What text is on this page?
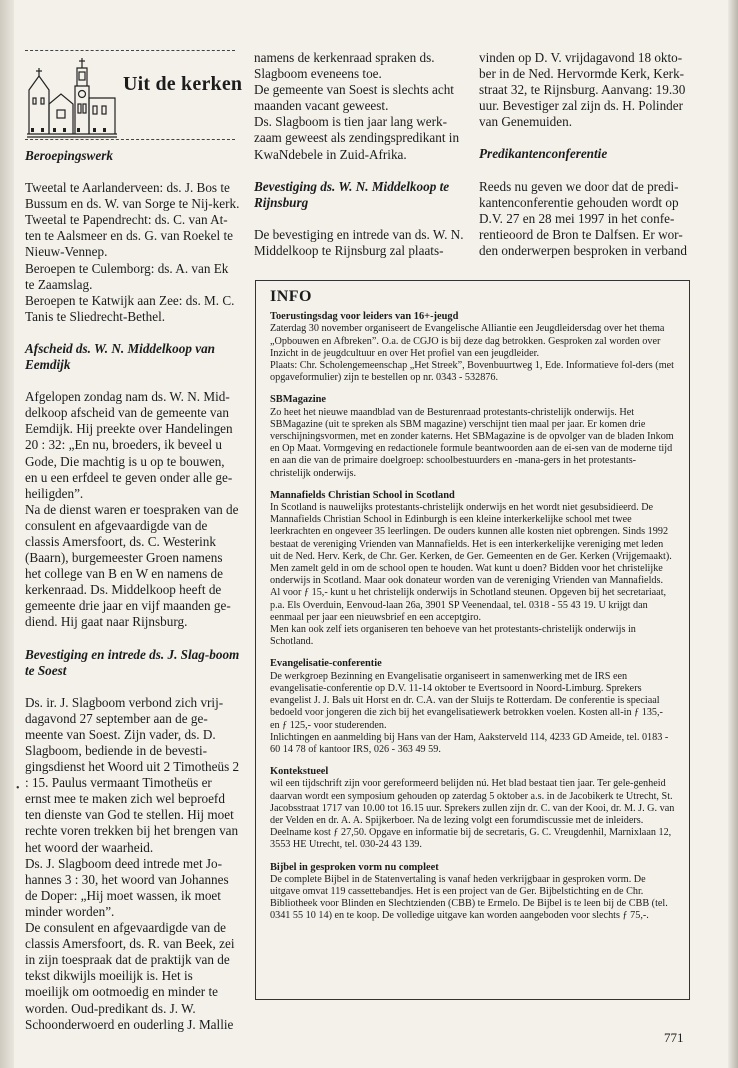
Uit de kerken
Beroepingswerk

Tweetal te Aarlanderveen: ds. J. Bos te Bussum en ds. W. van Sorge te Nij-kerk.

Tweetal te Papendrecht: ds. C. van At-ten te Aalsmeer en ds. G. van Roekel te Nieuw-Vennep.

Beroepen te Culemborg: ds. A. van Ek te Zaamslag.

Beroepen te Katwijk aan Zee: ds. M. C. Tanis te Sliedrecht-Bethel.

Afscheid ds. W. N. Middelkoop van Eemdijk

Afgelopen zondag nam ds. W. N. Mid-delkoop afscheid van de gemeente van Eemdijk. Hij preekte over Handelingen 20 : 32: „En nu, broeders, ik beveel u Gode, Die machtig is u op te bouwen, en u een erfdeel te geven onder alle ge-heiligden”.

Na de dienst waren er toespraken van de consulent en afgevaardigde van de classis Amersfoort, ds. C. Westerink (Baarn), burgemeester Groen namens het college van B en W en namens de kerkenraad. Ds. Middelkoop heeft de gemeente drie jaar en vijf maanden ge-diend. Hij gaat naar Rijnsburg.

Bevestiging en intrede ds. J. Slag-boom te Soest

Ds. ir. J. Slagboom verbond zich vrij-dagavond 27 september aan de ge-meente van Soest. Zijn vader, ds. D. Slagboom, bediende in de bevesti-gingsdienst het Woord uit 2 Timotheüs 2 : 15. Paulus vermaant Timotheüs er ernst mee te maken zich wel beproefd ten dienste van God te stellen. Hij moet rechte voren trekken bij het brengen van het woord der waarheid.

Ds. J. Slagboom deed intrede met Jo-hannes 3 : 30, het woord van Johannes de Doper: „Hij moet wassen, ik moet minder worden”.

De consulent en afgevaardigde van de classis Amersfoort, ds. R. van Beek, zei in zijn toespraak dat de praktijk van de tekst dikwijls moeilijk is. Het is moeilijk om ootmoedig en minder te worden. Oud-predikant ds. J. W. Schoonderwoerd en ouderling J. Mallie

namens de kerkenraad spraken ds. Slagboom eveneens toe.

De gemeente van Soest is slechts acht maanden vacant geweest.

Ds. Slagboom is tien jaar lang werk-zaam geweest als zendingspredikant in KwaNdebele in Zuid-Afrika.

Bevestiging ds. W. N. Middelkoop te Rijnsburg

De bevestiging en intrede van ds. W. N. Middelkoop te Rijnsburg zal plaats-

vinden op D. V. vrijdagavond 18 okto-ber in de Ned. Hervormde Kerk, Kerk-straat 32, te Rijnsburg. Aanvang: 19.30 uur. Bevestiger zal zijn ds. H. Polinder van Genemuiden.

Predikantenconferentie

Reeds nu geven we door dat de predi-kantenconferentie gehouden wordt op D.V. 27 en 28 mei 1997 in het confe-rentieoord de Bron te Dalfsen. Er wor-den onderwerpen besproken in verband

INFO
Toerustingsdag voor leiders van 16+-jeugd

Zaterdag 30 november organiseert de Evangelische Alliantie een Jeugdleidersdag over het thema „Opbouwen en Afbreken”. O.a. de CGJO is bij deze dag betrokken. Gesproken zal worden over Inzicht in de jeugdcultuur en over Het profiel van een jeugdleider.

Plaats: Chr. Scholengemeenschap „Het Streek”, Bovenbuurtweg 1, Ede. Informatieve fol-ders (met opgaveformulier) zijn te bestellen op nr. 0343 - 532876.

SBMagazine

Zo heet het nieuwe maandblad van de Besturenraad protestants-christelijk onderwijs. Het SBMagazine (uit te spreken als SBM magazine) verschijnt tien maal per jaar. Er komen drie verschijningsvormen, met en zonder katerns. Het SBMagazine is de opvolger van de bladen Inkom en Op Maat. Vormgeving en redactionele formule beantwoorden aan de ei-sen van de moderne tijd en aan die van de primaire doelgroep: schoolbestuurders en -mana-gers in het protestants-christelijk onderwijs.

Mannafields Christian School in Scotland

In Scotland is nauwelijks protestants-christelijk onderwijs en het wordt niet gesubsidieerd. De Mannafields Christian School in Edinburgh is een kleine interkerkelijke school met twee leerkrachten en ongeveer 35 leerlingen. De ouders kunnen alle kosten niet opbrengen. Sinds 1992 bestaat de vereniging Vrienden van Mannafields. Het is een interkerkelijke vereniging met leden uit de Ned. Herv. Kerk, de Chr. Ger. Kerken, de Ger. Gemeenten en de Ger. Kerken (Vrijgemaakt). Men zamelt geld in om de school open te houden. Wat kunt u doen? Bidden voor het christelijke onderwijs in Scotland. Maar ook donateur worden van de vereniging Vrienden van Mannafields. Al voor ƒ 15,- kunt u het christelijk onderwijs in Schotland steunen. Opgeven bij het secretariaat, p.a. Els Overduin, Eenvoud-laan 26a, 3901 SP Veenendaal, tel. 0318 - 55 43 19. U krijgt dan eenmaal per jaar een nieuwsbrief en een acceptgiro.

Men kan ook zelf iets organiseren ten behoeve van het protestants-christelijk onderwijs in Schotland.

Evangelisatie-conferentie

De werkgroep Bezinning en Evangelisatie organiseert in samenwerking met de IRS een evangelisatie-conferentie op D.V. 11-14 oktober te Evertsoord in Noord-Limburg. Sprekers evangelist J. J. Bals uit Horst en dr. C.A. van der Sluijs te Rotterdam. De conferentie is speciaal bedoeld voor jongeren die zich bij het evangelisatiewerk betrokken voelen. Kosten all-in ƒ 135,- en ƒ 125,- voor studerenden.

Inlichtingen en aanmelding bij Hans van der Ham, Aaksterveld 114, 4233 GD Ameide, tel. 0183 - 60 14 78 of kantoor IRS, 026 - 363 49 59.

Kontekstueel

wil een tijdschrift zijn voor gereformeerd belijden nú. Het blad bestaat tien jaar. Ter gele-genheid daarvan wordt een symposium gehouden op zaterdag 5 oktober a.s. in de Jacobikerk te Utrecht, St. Jacobsstraat 1717 van 10.00 tot 16.15 uur. Sprekers zullen zijn dr. C. van der Kooi, dr. M. J. G. van der Velden en dr. A. A. Spijkerboer. Na de lezing volgt een forumdiscussie met de inleiders. Deelname kost ƒ 27,50. Opgave en informatie bij de secretaris, G. C. Vreugdenhil, Marnixlaan 12, 3553 HE Utrecht, tel. 030-24 43 139.

Bijbel in gesproken vorm nu compleet

De complete Bijbel in de Statenvertaling is vanaf heden verkrijgbaar in gesproken vorm. De uitgave omvat 119 cassettebandjes. Het is een project van de Ger. Bijbelstichting en de Chr. Bibliotheek voor Blinden en Slechtzienden (CBB) te Ermelo. De Bijbel is te leen bij de CBB (tel. 0341 55 10 14) en te koop. De volledige uitgave kan worden aangeboden voor slechts ƒ 75,-.

•
771
